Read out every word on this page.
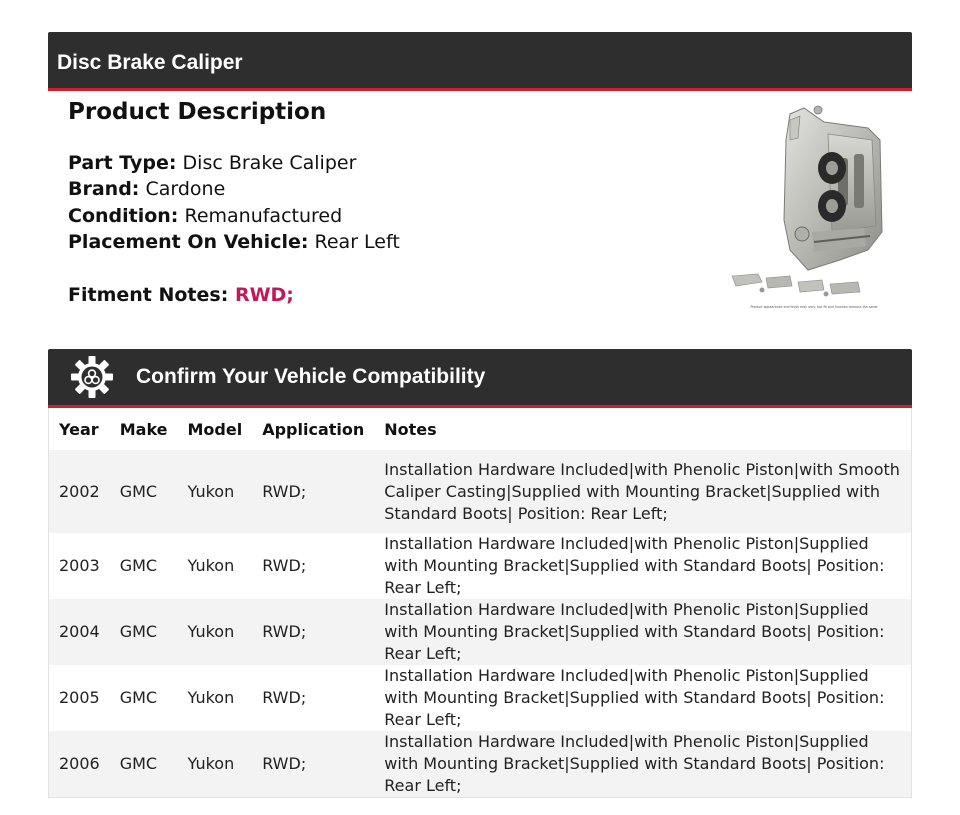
Disc Brake Caliper
Product Description
Part Type: Disc Brake Caliper
Brand: Cardone
Condition: Remanufactured
Placement On Vehicle: Rear Left
Fitment Notes: RWD;
Product appearance and finish may vary, but fit and function remains the same
Confirm Your Vehicle Compatibility
Year	Make	Model	Application	Notes
2002	GMC	Yukon	RWD;	Installation Hardware Included|with Phenolic Piston|with Smooth Caliper Casting|Supplied with Mounting Bracket|Supplied with Standard Boots| Position: Rear Left;
2003	GMC	Yukon	RWD;	Installation Hardware Included|with Phenolic Piston|Supplied with Mounting Bracket|Supplied with Standard Boots| Position: Rear Left;
2004	GMC	Yukon	RWD;	Installation Hardware Included|with Phenolic Piston|Supplied with Mounting Bracket|Supplied with Standard Boots| Position: Rear Left;
2005	GMC	Yukon	RWD;	Installation Hardware Included|with Phenolic Piston|Supplied with Mounting Bracket|Supplied with Standard Boots| Position: Rear Left;
2006	GMC	Yukon	RWD;	Installation Hardware Included|with Phenolic Piston|Supplied with Mounting Bracket|Supplied with Standard Boots| Position: Rear Left;
